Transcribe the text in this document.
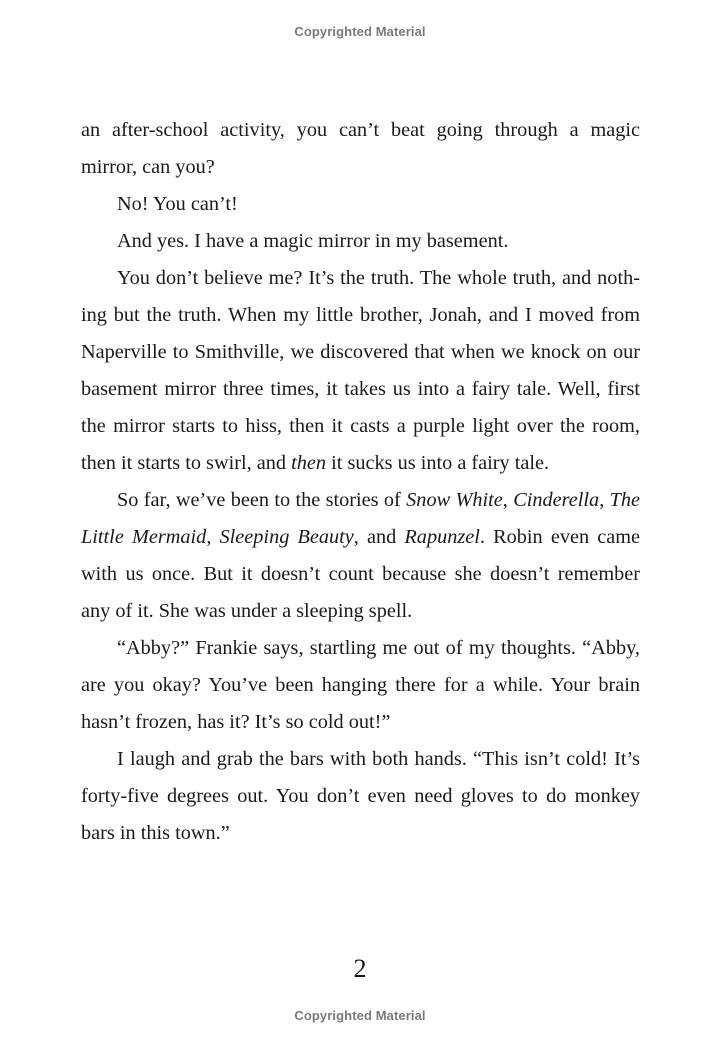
Copyrighted Material

an after-school activity, you can’t beat going through a magic mirror, can you?

No! You can’t!

And yes. I have a magic mirror in my basement.

You don’t believe me? It’s the truth. The whole truth, and nothing but the truth. When my little brother, Jonah, and I moved from Naperville to Smithville, we discovered that when we knock on our basement mirror three times, it takes us into a fairy tale. Well, first the mirror starts to hiss, then it casts a purple light over the room, then it starts to swirl, and then it sucks us into a fairy tale.

So far, we’ve been to the stories of Snow White, Cinderella, The Little Mermaid, Sleeping Beauty, and Rapunzel. Robin even came with us once. But it doesn’t count because she doesn’t remember any of it. She was under a sleeping spell.

“Abby?” Frankie says, startling me out of my thoughts. “Abby, are you okay? You’ve been hanging there for a while. Your brain hasn’t frozen, has it? It’s so cold out!”

I laugh and grab the bars with both hands. “This isn’t cold! It’s forty-five degrees out. You don’t even need gloves to do monkey bars in this town.”

2
Copyrighted Material
